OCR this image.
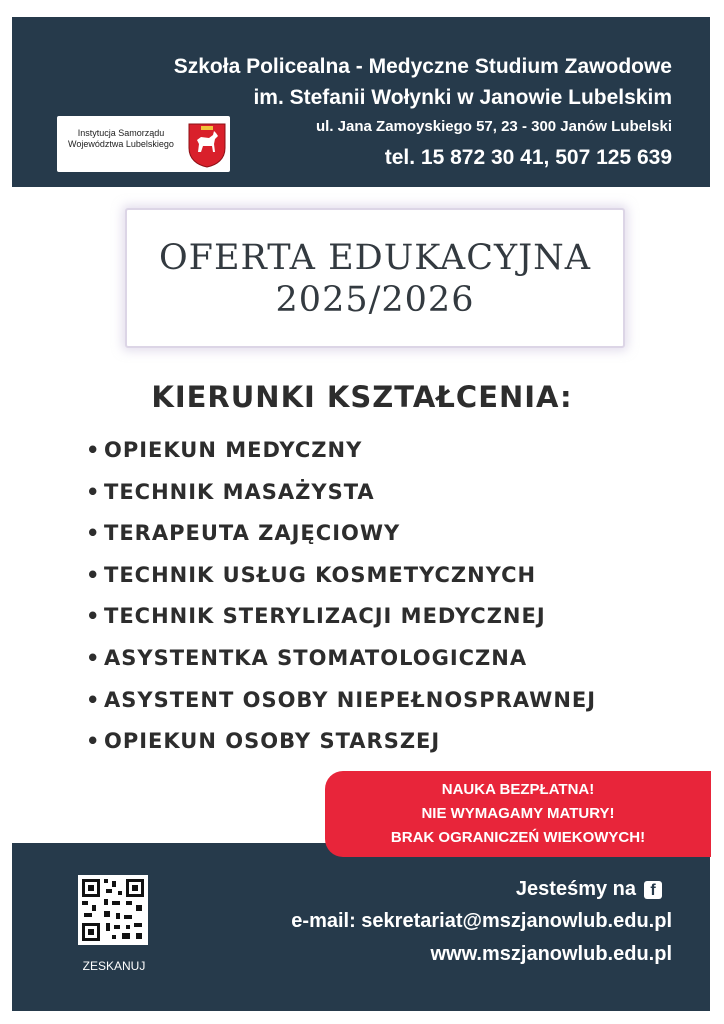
Instytucja Samorządu
Województwa Lubelskiego
Szkoła Policealna - Medyczne Studium Zawodowe
im. Stefanii Wołynki w Janowie Lubelskim
ul. Jana Zamoyskiego 57, 23 - 300 Janów Lubelski
tel. 15 872 30 41, 507 125 639
OFERTA EDUKACYJNA
2025/2026
KIERUNKI KSZTAŁCENIA:
• OPIEKUN MEDYCZNY
• TECHNIK MASAŻYSTA
• TERAPEUTA ZAJĘCIOWY
• TECHNIK USŁUG KOSMETYCZNYCH
• TECHNIK STERYLIZACJI MEDYCZNEJ
• ASYSTENTKA STOMATOLOGICZNA
• ASYSTENT OSOBY NIEPEŁNOSPRAWNEJ
• OPIEKUN OSOBY STARSZEJ
ZESKANUJ
Jesteśmy na f
e-mail: sekretariat@mszjanowlub.edu.pl
www.mszjanowlub.edu.pl
NAUKA BEZPŁATNA!
NIE WYMAGAMY MATURY!
BRAK OGRANICZEŃ WIEKOWYCH!
